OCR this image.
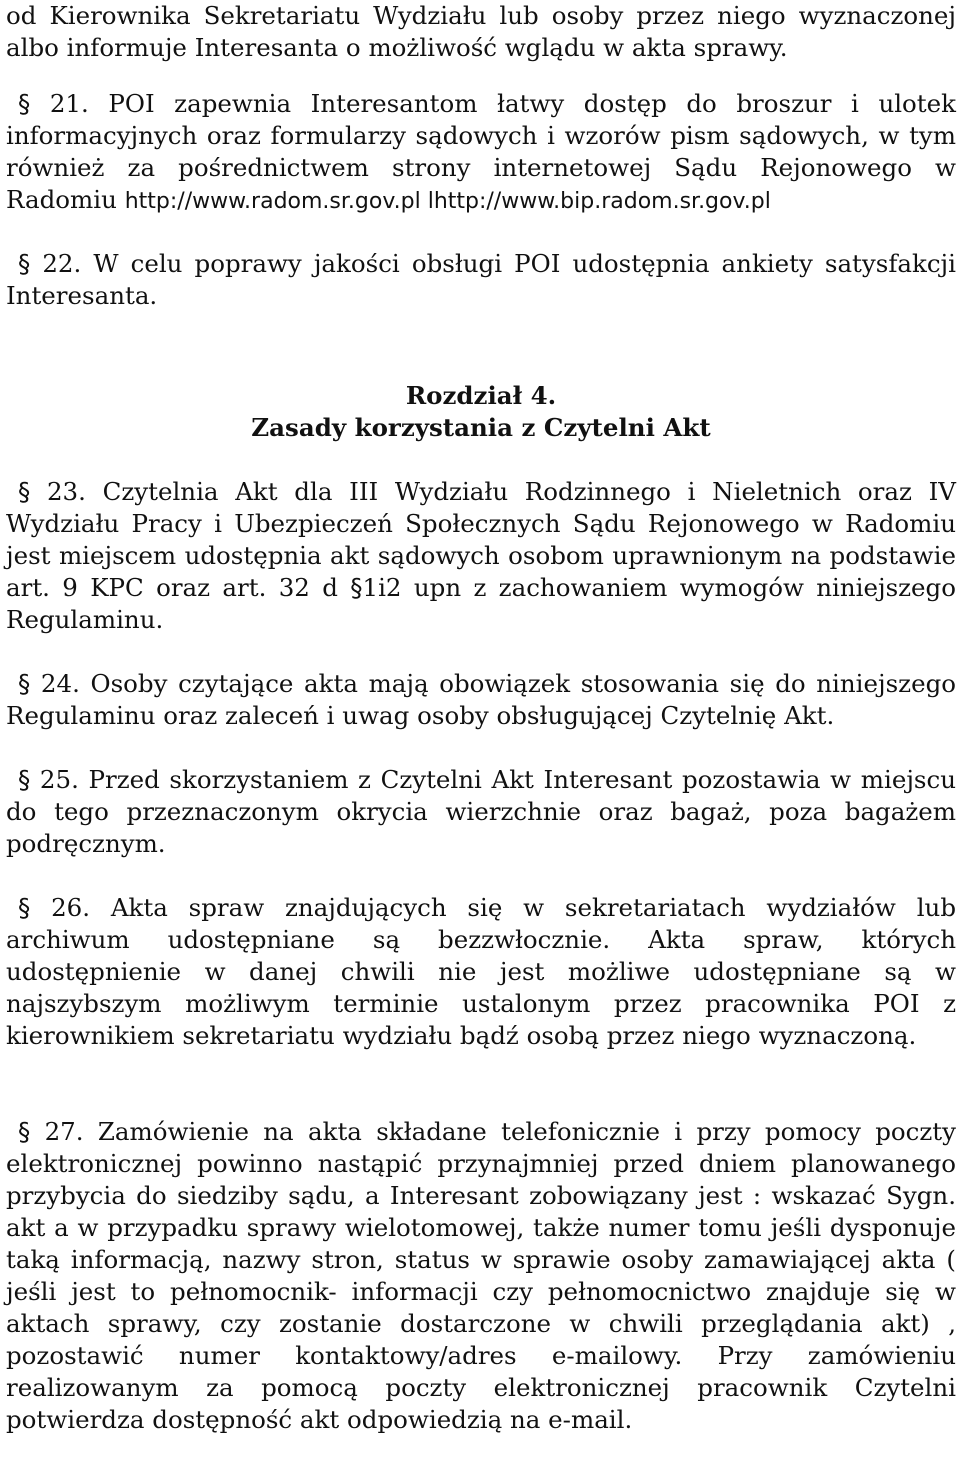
od Kierownika Sekretariatu Wydziału lub osoby przez niego wyznaczonej albo informuje Interesanta o możliwość wglądu w akta sprawy.

§ 21. POI zapewnia Interesantom łatwy dostęp do broszur i ulotek informacyjnych oraz formularzy sądowych i wzorów pism sądowych, w tym również za pośrednictwem strony internetowej Sądu Rejonowego w Radomiu http://www.radom.sr.gov.pl lhttp://www.bip.radom.sr.gov.pl

§ 22. W celu poprawy jakości obsługi POI udostępnia ankiety satysfakcji Interesanta.

Rozdział 4.

Zasady korzystania z Czytelni Akt

§ 23. Czytelnia Akt dla III Wydziału Rodzinnego i Nieletnich oraz IV Wydziału Pracy i Ubezpieczeń Społecznych Sądu Rejonowego w Radomiu jest miejscem udostępnia akt sądowych osobom uprawnionym na podstawie art. 9 KPC oraz art. 32 d §1i2 upn z zachowaniem wymogów niniejszego Regulaminu.

§ 24. Osoby czytające akta mają obowiązek stosowania się do niniejszego Regulaminu oraz zaleceń i uwag osoby obsługującej Czytelnię Akt.

§ 25. Przed skorzystaniem z Czytelni Akt Interesant pozostawia w miejscu do tego przeznaczonym okrycia wierzchnie oraz bagaż, poza bagażem podręcznym.

§ 26. Akta spraw znajdujących się w sekretariatach wydziałów lub archiwum udostępniane są bezzwłocznie. Akta spraw, których udostępnienie w danej chwili nie jest możliwe udostępniane są w najszybszym możliwym terminie ustalonym przez pracownika POI z kierownikiem sekretariatu wydziału bądź osobą przez niego wyznaczoną.

§ 27. Zamówienie na akta składane telefonicznie i przy pomocy poczty elektronicznej powinno nastąpić przynajmniej przed dniem planowanego przybycia do siedziby sądu, a Interesant zobowiązany jest : wskazać Sygn. akt a w przypadku sprawy wielotomowej, także numer tomu jeśli dysponuje taką informacją, nazwy stron, status w sprawie osoby zamawiającej akta ( jeśli jest to pełnomocnik- informacji czy pełnomocnictwo znajduje się w aktach sprawy, czy zostanie dostarczone w chwili przeglądania akt) , pozostawić numer kontaktowy/adres e-mailowy. Przy zamówieniu realizowanym za pomocą poczty elektronicznej pracownik Czytelni potwierdza dostępność akt odpowiedzią na e-mail.
